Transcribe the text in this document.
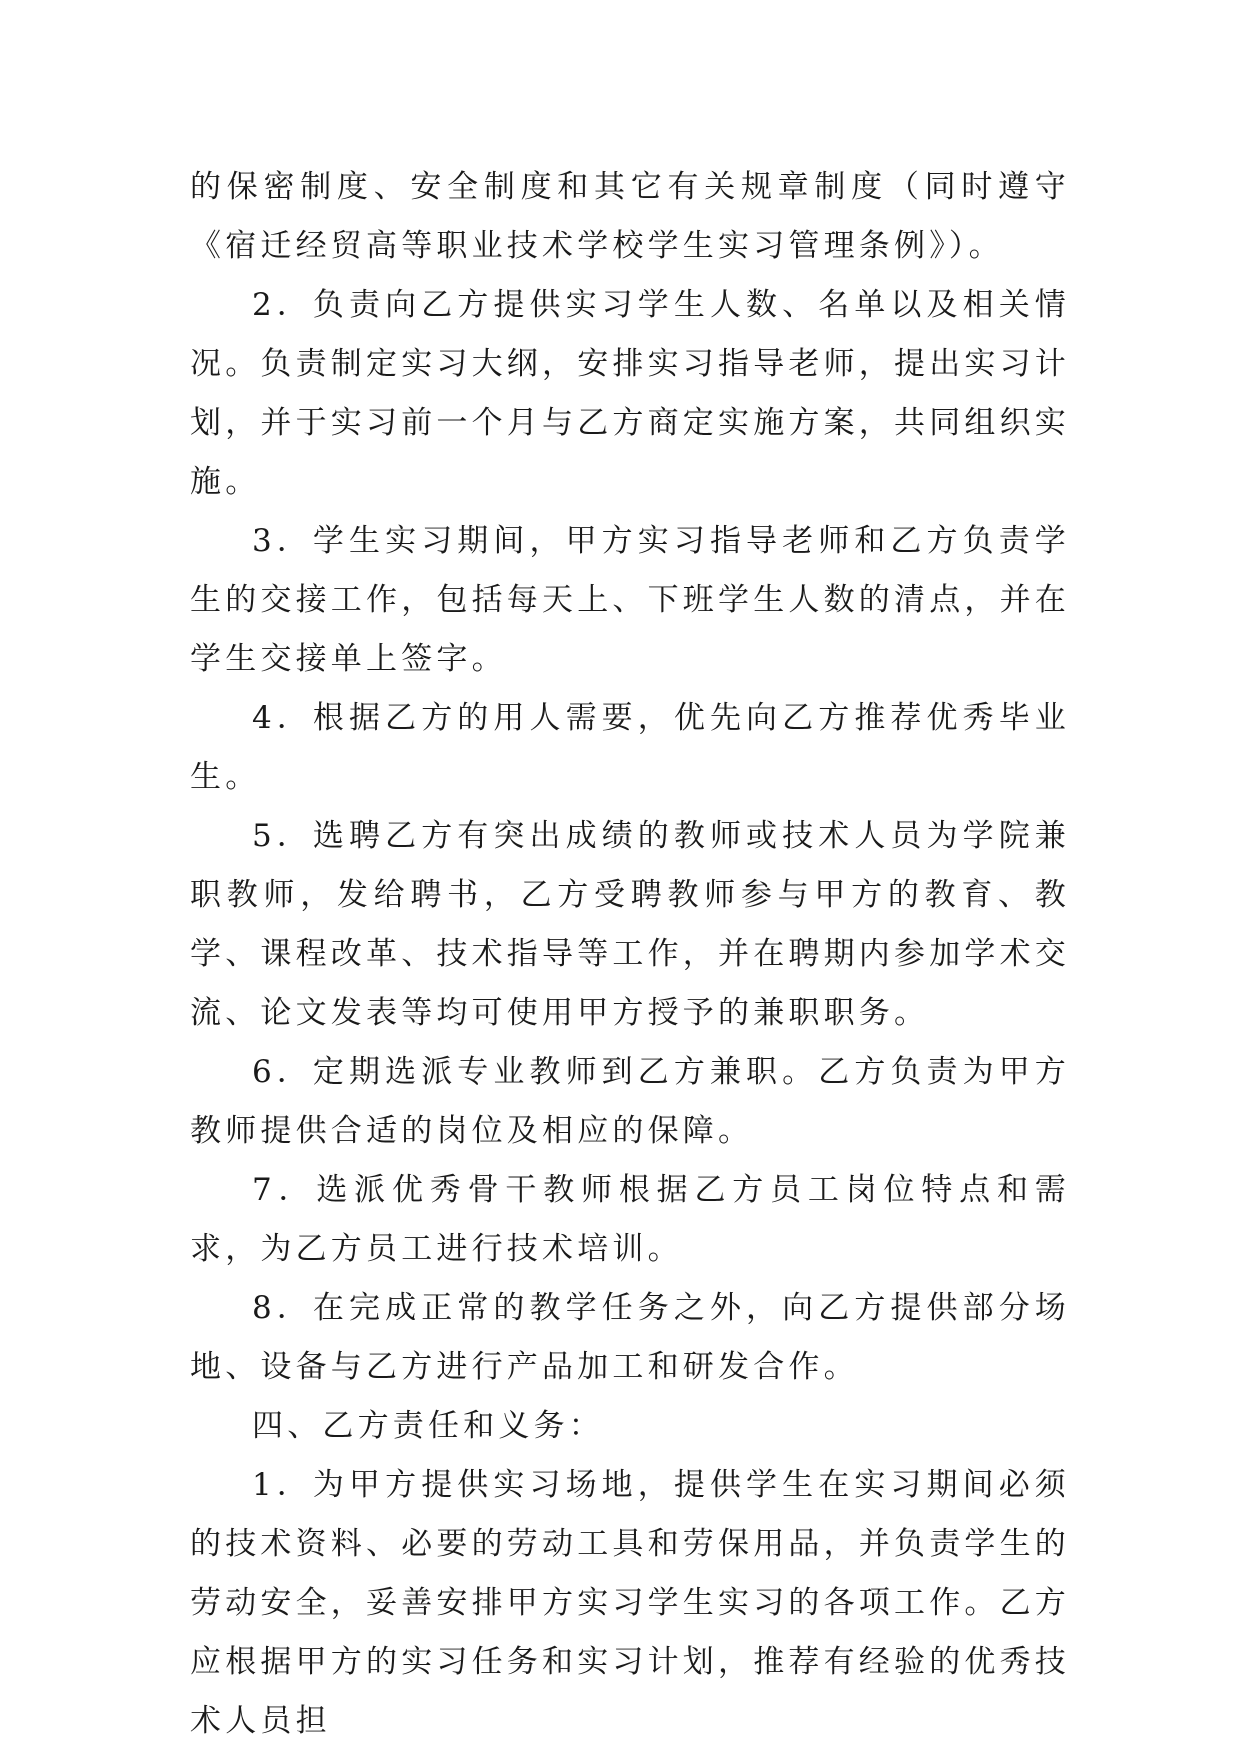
的保密制度、安全制度和其它有关规章制度（同时遵守《宿迁经贸高等职业技术学校学生实习管理条例》）。

2．负责向乙方提供实习学生人数、名单以及相关情况。负责制定实习大纲，安排实习指导老师，提出实习计划，并于实习前一个月与乙方商定实施方案，共同组织实施。

3．学生实习期间，甲方实习指导老师和乙方负责学生的交接工作，包括每天上、下班学生人数的清点，并在学生交接单上签字。

4．根据乙方的用人需要，优先向乙方推荐优秀毕业生。

5．选聘乙方有突出成绩的教师或技术人员为学院兼职教师，发给聘书，乙方受聘教师参与甲方的教育、教学、课程改革、技术指导等工作，并在聘期内参加学术交流、论文发表等均可使用甲方授予的兼职职务。

6．定期选派专业教师到乙方兼职。乙方负责为甲方教师提供合适的岗位及相应的保障。

7．选派优秀骨干教师根据乙方员工岗位特点和需求，为乙方员工进行技术培训。

8．在完成正常的教学任务之外，向乙方提供部分场地、设备与乙方进行产品加工和研发合作。

四、乙方责任和义务：

1．为甲方提供实习场地，提供学生在实习期间必须的技术资料、必要的劳动工具和劳保用品，并负责学生的劳动安全，妥善安排甲方实习学生实习的各项工作。乙方应根据甲方的实习任务和实习计划，推荐有经验的优秀技术人员担
